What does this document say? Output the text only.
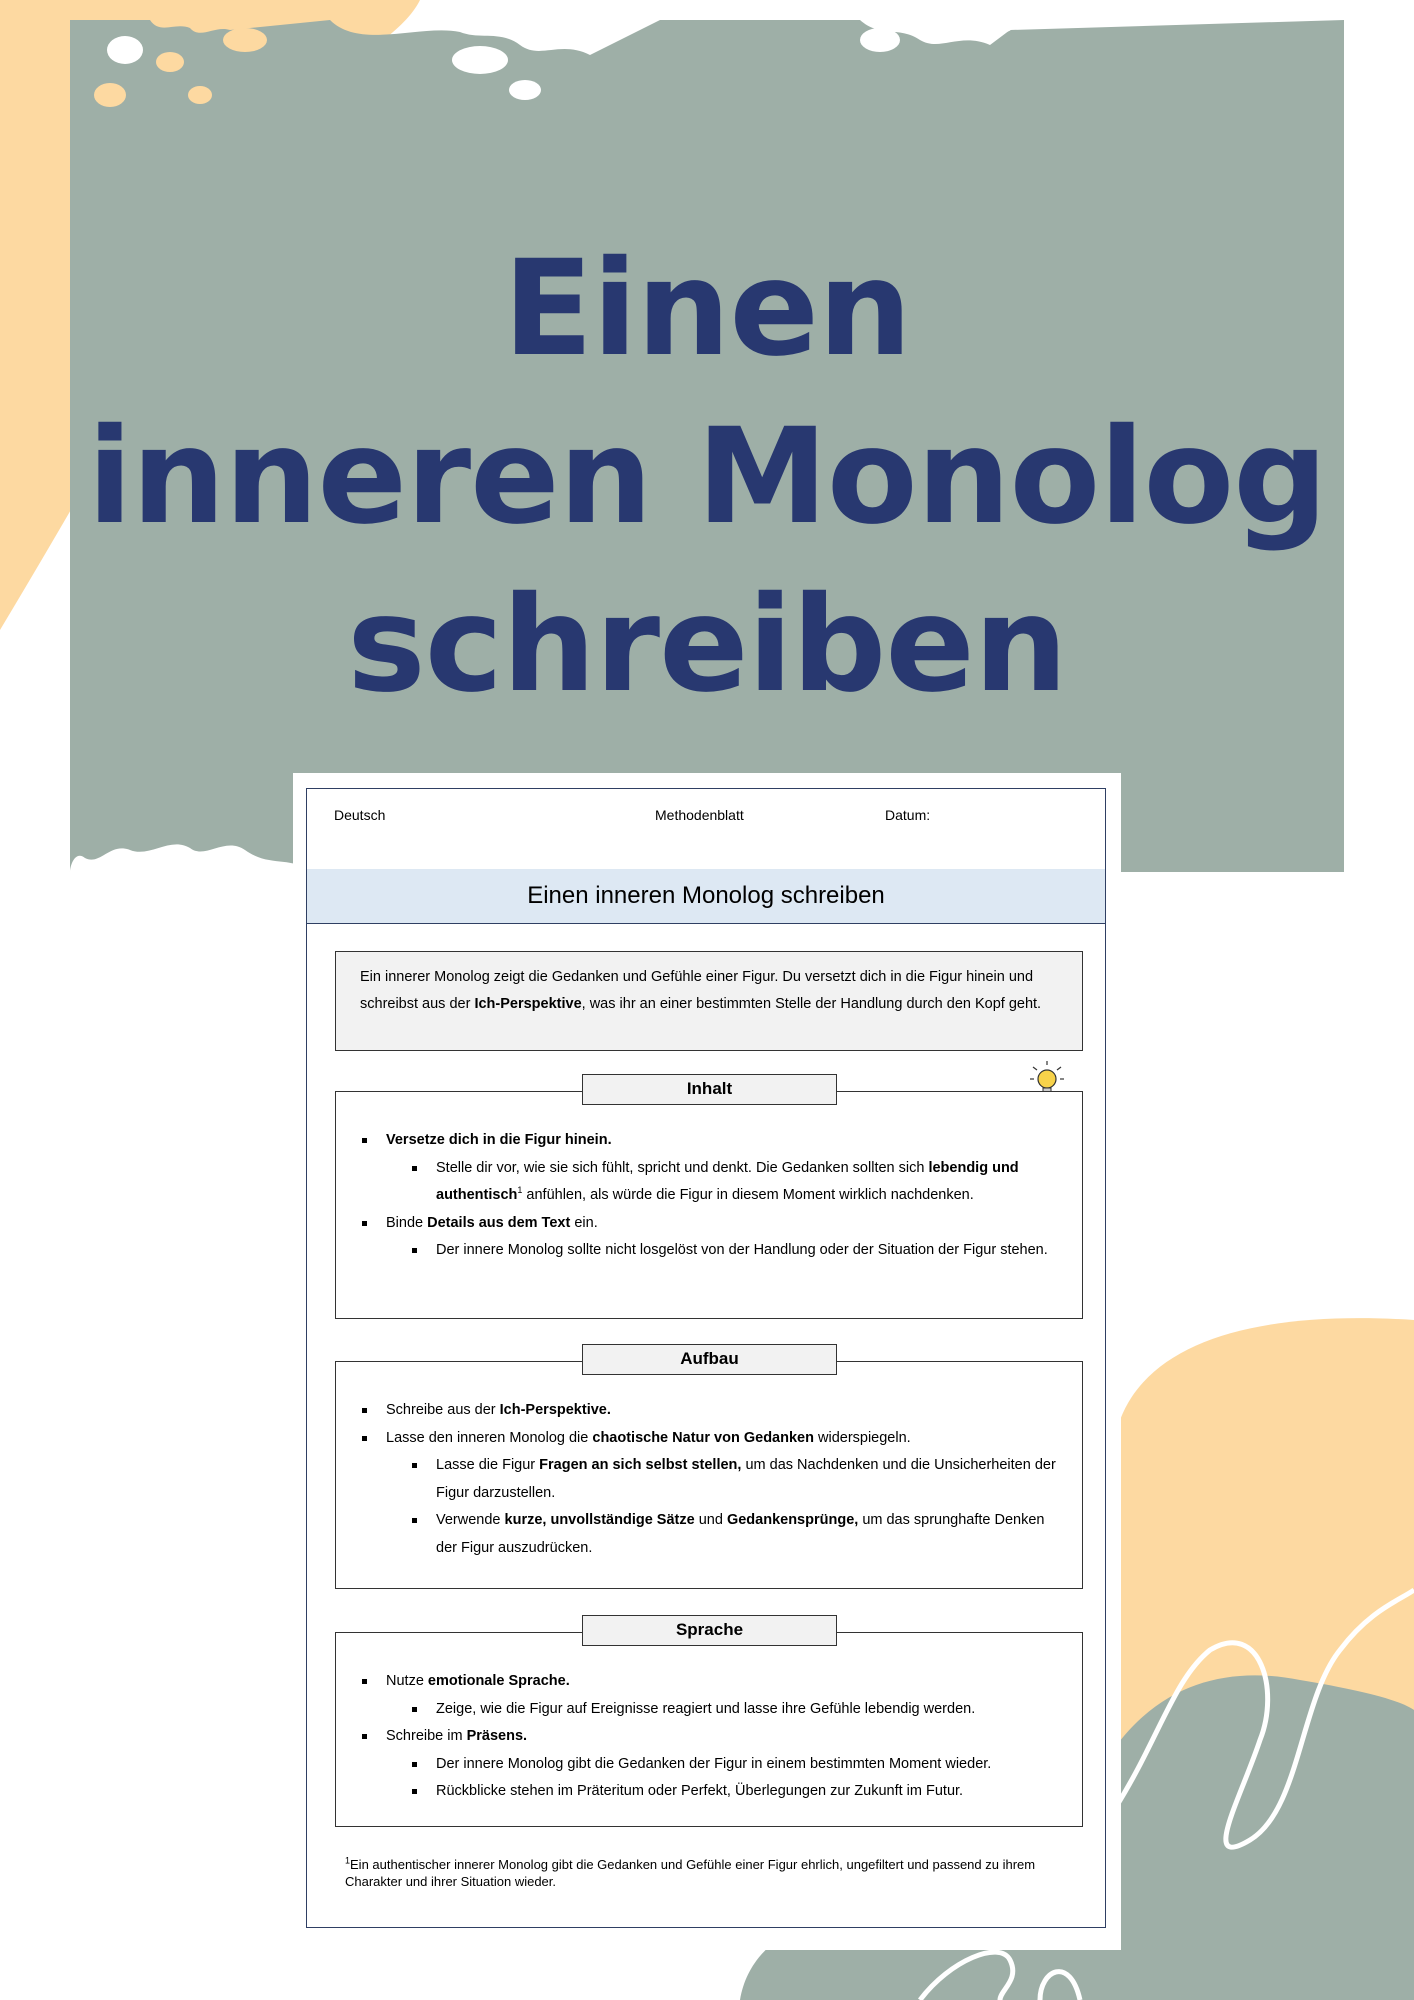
Einen
inneren Monolog
schreiben
Deutsch	Methodenblatt	Datum:
Einen inneren Monolog schreiben
Ein innerer Monolog zeigt die Gedanken und Gefühle einer Figur. Du versetzt dich in die Figur hinein und schreibst aus der Ich-Perspektive, was ihr an einer bestimmten Stelle der Handlung durch den Kopf geht.
Inhalt
Versetze dich in die Figur hinein.
Stelle dir vor, wie sie sich fühlt, spricht und denkt. Die Gedanken sollten sich lebendig und authentisch$^1$ anfühlen, als würde die Figur in diesem Moment wirklich nachdenken.
Binde Details aus dem Text ein.
Der innere Monolog sollte nicht losgelöst von der Handlung oder der Situation der Figur stehen.
Aufbau
Schreibe aus der Ich-Perspektive.
Lasse den inneren Monolog die chaotische Natur von Gedanken widerspiegeln.
Lasse die Figur Fragen an sich selbst stellen, um das Nachdenken und die Unsicherheiten der Figur darzustellen.
Verwende kurze, unvollständige Sätze und Gedankensprünge, um das sprunghafte Denken der Figur auszudrücken.
Sprache
Nutze emotionale Sprache.
Zeige, wie die Figur auf Ereignisse reagiert und lasse ihre Gefühle lebendig werden.
Schreibe im Präsens.
Der innere Monolog gibt die Gedanken der Figur in einem bestimmten Moment wieder.
Rückblicke stehen im Präteritum oder Perfekt, Überlegungen zur Zukunft im Futur.
$^1$Ein authentischer innerer Monolog gibt die Gedanken und Gefühle einer Figur ehrlich, ungefiltert und passend zu ihrem Charakter und ihrer Situation wieder.
